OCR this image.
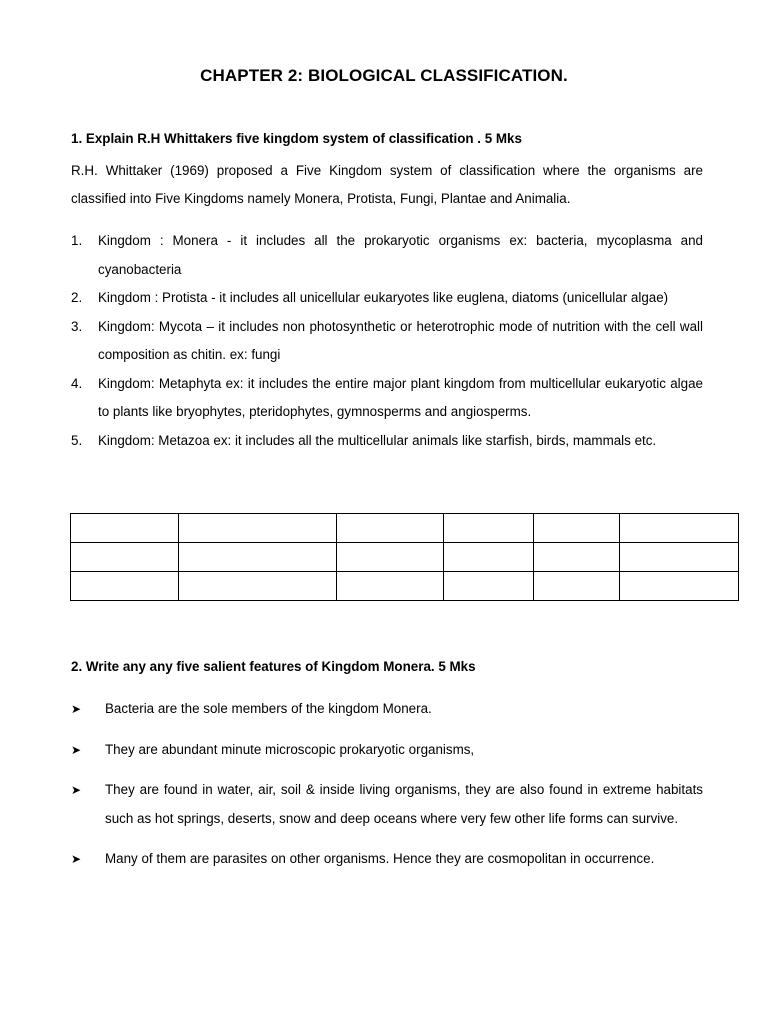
CHAPTER 2: BIOLOGICAL CLASSIFICATION.
1. Explain R.H Whittakers five kingdom system of classification . 5 Mks
R.H. Whittaker (1969) proposed a Five Kingdom system of classification where the organisms are classified into Five Kingdoms namely Monera, Protista, Fungi, Plantae and Animalia.
1. Kingdom : Monera - it includes all the prokaryotic organisms ex: bacteria, mycoplasma and cyanobacteria
2. Kingdom : Protista - it includes all unicellular eukaryotes like euglena, diatoms (unicellular algae)
3. Kingdom: Mycota – it includes non photosynthetic or heterotrophic mode of nutrition with the cell wall composition as chitin. ex: fungi
4. Kingdom: Metaphyta ex: it includes the entire major plant kingdom from multicellular eukaryotic algae to plants like bryophytes, pteridophytes, gymnosperms and angiosperms.
5. Kingdom: Metazoa ex: it includes all the multicellular animals like starfish, birds, mammals etc.

2. Write any any five salient features of Kingdom Monera. 5 Mks
➤ Bacteria are the sole members of the kingdom Monera.
➤ They are abundant minute microscopic prokaryotic organisms,
➤ They are found in water, air, soil & inside living organisms, they are also found in extreme habitats such as hot springs, deserts, snow and deep oceans where very few other life forms can survive.
➤ Many of them are parasites on other organisms. Hence they are cosmopolitan in occurrence.
